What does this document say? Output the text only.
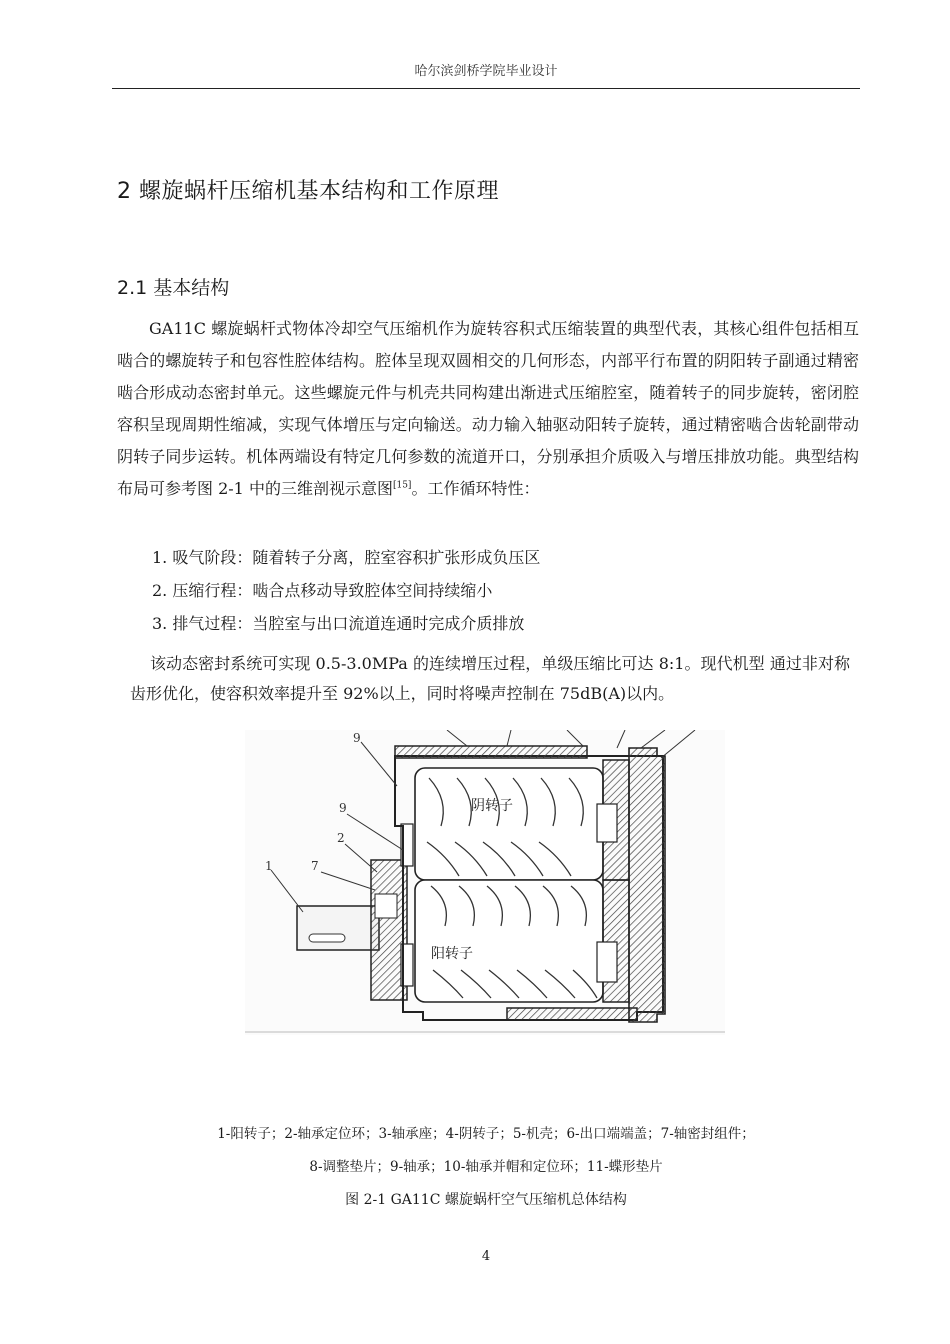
哈尔滨剑桥学院毕业设计
2 螺旋蜗杆压缩机基本结构和工作原理
2.1 基本结构
GA11C 螺旋蜗杆式物体冷却空气压缩机作为旋转容积式压缩装置的典型代表，其核心组件包括相互啮合的螺旋转子和包容性腔体结构。腔体呈现双圆相交的几何形态，内部平行布置的阴阳转子副通过精密啮合形成动态密封单元。这些螺旋元件与机壳共同构建出渐进式压缩腔室，随着转子的同步旋转，密闭腔容积呈现周期性缩减，实现气体增压与定向输送。动力输入轴驱动阳转子旋转，通过精密啮合齿轮副带动阴转子同步运转。机体两端设有特定几何参数的流道开口，分别承担介质吸入与增压排放功能。典型结构布局可参考图 2-1 中的三维剖视示意图[15]。工作循环特性：
1. 吸气阶段：随着转子分离，腔室容积扩张形成负压区
2. 压缩行程：啮合点移动导致腔体空间持续缩小
3. 排气过程：当腔室与出口流道连通时完成介质排放
该动态密封系统可实现 0.5-3.0MPa 的连续增压过程，单级压缩比可达 8:1。现代机型 通过非对称齿形优化，使容积效率提升至 92%以上，同时将噪声控制在 75dB(A)以内。
阴转子
阳转子
9
9
2
7
1
1-阳转子；2-轴承定位环；3-轴承座；4-阴转子；5-机壳；6-出口端端盖；7-轴密封组件；
8-调整垫片；9-轴承；10-轴承并帽和定位环；11-蝶形垫片
图 2-1 GA11C 螺旋蜗杆空气压缩机总体结构
4
